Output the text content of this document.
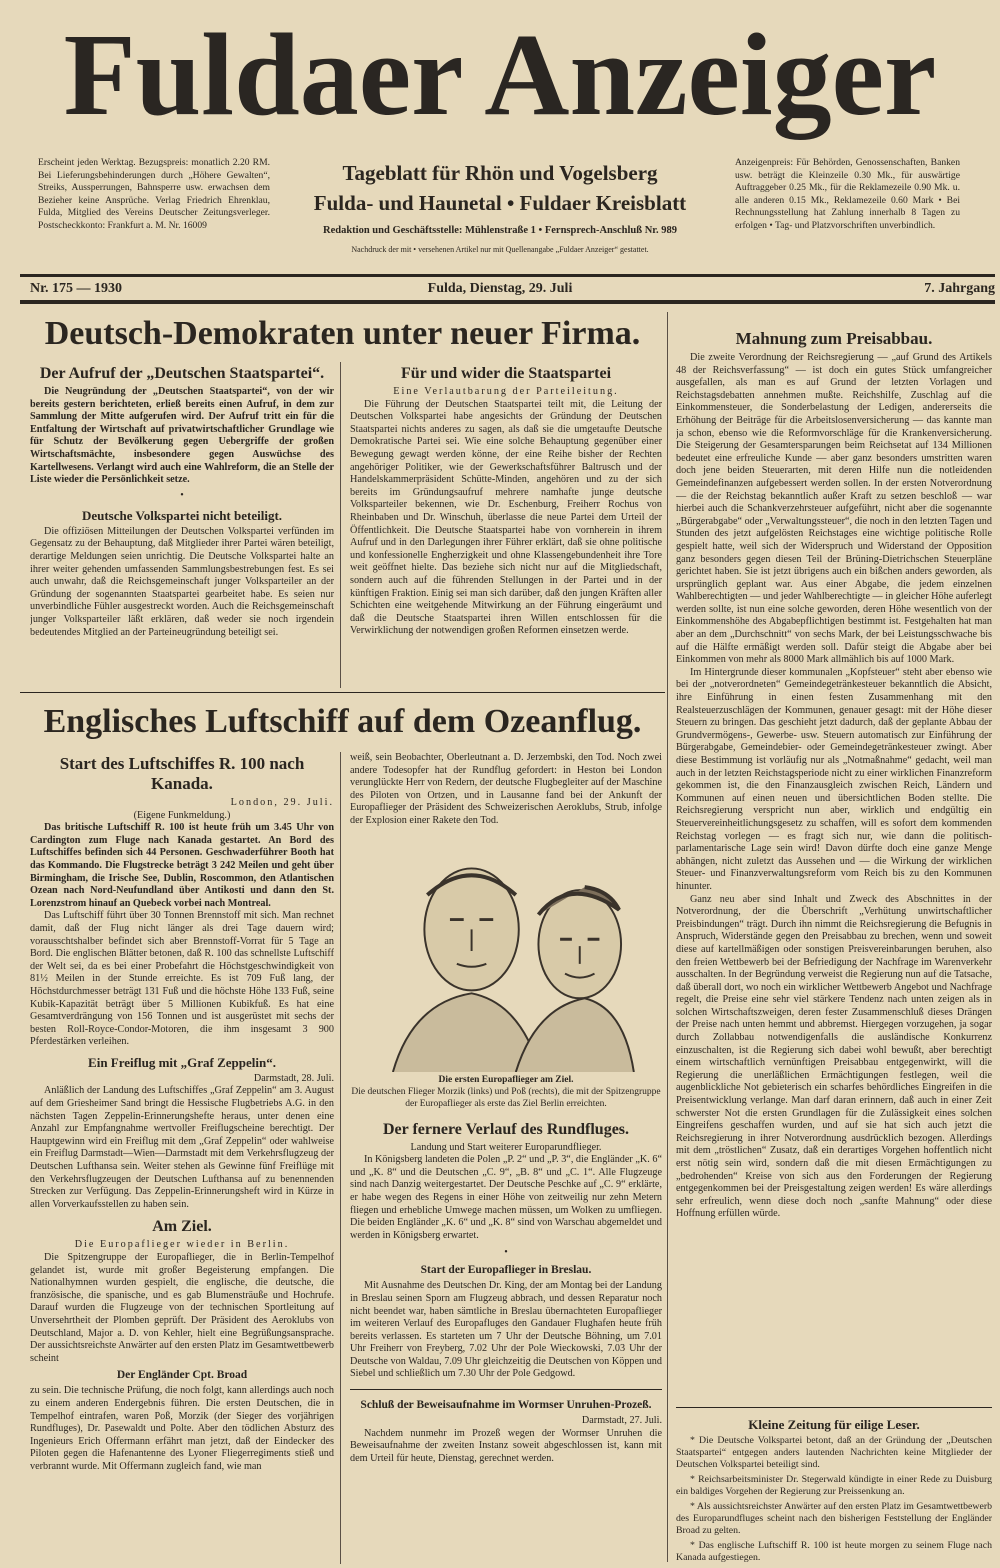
Fuldaer Anzeiger
Erscheint jeden Werktag. Bezugspreis: monatlich 2.20 RM. Bei Lieferungsbehinderungen durch „Höhere Gewalten“, Streiks, Aussperrungen, Bahnsperre usw. erwachsen dem Bezieher keine Ansprüche. Verlag Friedrich Ehrenklau, Fulda, Mitglied des Vereins Deutscher Zeitungsverleger. Postscheckkonto: Frankfurt a. M. Nr. 16009
Tageblatt für Rhön und Vogelsberg
Fulda- und Haunetal • Fuldaer Kreisblatt
Redaktion und Geschäftsstelle: Mühlenstraße 1 • Fernsprech-Anschluß Nr. 989
Nachdruck der mit • versehenen Artikel nur mit Quellenangabe „Fuldaer Anzeiger“ gestattet.
Anzeigenpreis: Für Behörden, Genossenschaften, Banken usw. beträgt die Kleinzeile 0.30 Mk., für auswärtige Auftraggeber 0.25 Mk., für die Reklamezeile 0.90 Mk. u. alle anderen 0.15 Mk., Reklamezeile 0.60 Mark • Bei Rechnungsstellung hat Zahlung innerhalb 8 Tagen zu erfolgen • Tag- und Platzvorschriften unverbindlich.
Nr. 175 — 1930	Fulda, Dienstag, 29. Juli	7. Jahrgang
Deutsch-Demokraten unter neuer Firma.
Der Aufruf der „Deutschen Staatspartei“.

Die Neugründung der „Deutschen Staatspartei“, von der wir bereits gestern berichteten, erließ bereits einen Aufruf, in dem zur Sammlung der Mitte aufgerufen wird. Der Aufruf tritt ein für die Entfaltung der Wirtschaft auf privatwirtschaftlicher Grundlage wie für Schutz der Bevölkerung gegen Uebergriffe der großen Wirtschaftsmächte, insbesondere gegen Auswüchse des Kartellwesens. Verlangt wird auch eine Wahlreform, die an Stelle der Liste wieder die Persönlichkeit setze.

•
Deutsche Volkspartei nicht beteiligt.

Die offiziösen Mitteilungen der Deutschen Volkspartei verfünden im Gegensatz zu der Behauptung, daß Mitglieder ihrer Partei wären beteiligt, derartige Meldungen seien unrichtig. Die Deutsche Volkspartei halte an ihrer weiter gehenden umfassenden Sammlungsbestrebungen fest. Es sei auch unwahr, daß die Reichsgemeinschaft junger Volksparteiler an der Gründung der sogenannten Staatspartei gearbeitet habe. Es seien nur unverbindliche Fühler ausgestreckt worden. Auch die Reichsgemeinschaft junger Volksparteiler läßt erklären, daß weder sie noch irgendein bedeutendes Mitglied an der Parteineugründung beteiligt sei.

Für und wider die Staatspartei
Eine Verlautbarung der Parteileitung.

Die Führung der Deutschen Staatspartei teilt mit, die Leitung der Deutschen Volkspartei habe angesichts der Gründung der Deutschen Staatspartei nichts anderes zu sagen, als daß sie die umgetaufte Deutsche Demokratische Partei sei. Wie eine solche Behauptung gegenüber einer Bewegung gewagt werden könne, der eine Reihe bisher der Rechten angehöriger Politiker, wie der Gewerkschaftsführer Baltrusch und der Handelskammerpräsident Schütte-Minden, angehören und zu der sich bereits im Gründungsaufruf mehrere namhafte junge deutsche Volksparteiler bekennen, wie Dr. Eschenburg, Freiherr Rochus von Rheinbaben und Dr. Winschuh, überlasse die neue Partei dem Urteil der Öffentlichkeit. Die Deutsche Staatspartei habe von vornherein in ihrem Aufruf und in den Darlegungen ihrer Führer erklärt, daß sie ohne politische und konfessionelle Engherzigkeit und ohne Klassengebundenheit ihre Tore weit geöffnet hielte. Das beziehe sich nicht nur auf die Mitgliedschaft, sondern auch auf die führenden Stellungen in der Partei und in der künftigen Fraktion. Einig sei man sich darüber, daß den jungen Kräften aller Schichten eine weitgehende Mitwirkung an der Führung eingeräumt und daß die Deutsche Staatspartei ihren Willen entschlossen für die Verwirklichung der notwendigen großen Reformen einsetzen werde.

Mahnung zum Preisabbau.

Die zweite Verordnung der Reichsregierung — „auf Grund des Artikels 48 der Reichsverfassung“ — ist doch ein gutes Stück umfangreicher ausgefallen, als man es auf Grund der letzten Vorlagen und Reichstagsdebatten annehmen mußte. Reichshilfe, Zuschlag auf die Einkommensteuer, die Sonderbelastung der Ledigen, andererseits die Erhöhung der Beiträge für die Arbeitslosenversicherung — das kannte man ja schon, ebenso wie die Reformvorschläge für die Krankenversicherung. Die Steigerung der Gesamtersparungen beim Reichsetat auf 134 Millionen bedeutet eine erfreuliche Kunde — aber ganz besonders umstritten waren doch jene beiden Steuerarten, mit deren Hilfe nun die notleidenden Gemeindefinanzen aufgebessert werden sollen. In der ersten Notverordnung — die der Reichstag bekanntlich außer Kraft zu setzen beschloß — war hierbei auch die Schankverzehrsteuer aufgeführt, nicht aber die sogenannte „Bürgerabgabe“ oder „Verwaltungssteuer“, die noch in den letzten Tagen und Stunden des jetzt aufgelösten Reichstages eine wichtige politische Rolle gespielt hatte, weil sich der Widerspruch und Widerstand der Opposition ganz besonders gegen diesen Teil der Brüning-Dietrichschen Steuerpläne gerichtet haben. Sie ist jetzt übrigens auch ein bißchen anders geworden, als ursprünglich geplant war. Aus einer Abgabe, die jedem einzelnen Wahlberechtigten — und jeder Wahlberechtigte — in gleicher Höhe auferlegt werden sollte, ist nun eine solche geworden, deren Höhe wesentlich von der Einkommenshöhe des Abgabepflichtigen bestimmt ist. Festgehalten hat man aber an dem „Durchschnitt“ von sechs Mark, der bei Leistungsschwache bis auf die Hälfte ermäßigt werden soll. Dafür steigt die Abgabe aber bei Einkommen von mehr als 8000 Mark allmählich bis auf 1000 Mark.

Im Hintergrunde dieser kommunalen „Kopfsteuer“ steht aber ebenso wie bei der „notverordneten“ Gemeindegetränkesteuer bekanntlich die Absicht, ihre Einführung in einen festen Zusammenhang mit den Realsteuerzuschlägen der Kommunen, genauer gesagt: mit der Höhe dieser Steuern zu bringen. Das geschieht jetzt dadurch, daß der geplante Abbau der Grundvermögens-, Gewerbe- usw. Steuern automatisch zur Einführung der Bürgerabgabe, Gemeindebier- oder Gemeindegetränkesteuer zwingt. Aber diese Bestimmung ist vorläufig nur als „Notmaßnahme“ gedacht, weil man auch in der letzten Reichstagsperiode nicht zu einer wirklichen Finanzreform gekommen ist, die den Finanzausgleich zwischen Reich, Ländern und Kommunen auf einen neuen und übersichtlichen Boden stellte. Die Reichsregierung verspricht nun aber, wirklich und endgültig ein Steuervereinheitlichungsgesetz zu schaffen, will es sofort dem kommenden Reichstag vorlegen — es fragt sich nur, wie dann die politisch-parlamentarische Lage sein wird! Davon dürfte doch eine ganze Menge abhängen, nicht zuletzt das Aussehen und — die Wirkung der wirklichen Steuer- und Finanzverwaltungsreform vom Reich bis zu den Kommunen hinunter.

Ganz neu aber sind Inhalt und Zweck des Abschnittes in der Notverordnung, der die Überschrift „Verhütung unwirtschaftlicher Preisbindungen“ trägt. Durch ihn nimmt die Reichsregierung die Befugnis in Anspruch, Widerstände gegen den Preisabbau zu brechen, wenn und soweit diese auf kartellmäßigen oder sonstigen Preisvereinbarungen beruhen, also den freien Wettbewerb bei der Befriedigung der Nachfrage im Warenverkehr ausschalten. In der Begründung verweist die Regierung nun auf die Tatsache, daß überall dort, wo noch ein wirklicher Wettbewerb Angebot und Nachfrage regelt, die Preise eine sehr viel stärkere Tendenz nach unten zeigen als in solchen Wirtschaftszweigen, deren fester Zusammenschluß dieses Drängen der Preise nach unten hemmt und abbremst. Hiergegen vorzugehen, ja sogar durch Zollabbau notwendigenfalls die ausländische Konkurrenz einzuschalten, ist die Regierung sich dabei wohl bewußt, aber berechtigt einem wirtschaftlich vernünftigen Preisabbau entgegenwirkt, will die Regierung die unerläßlichen Ermächtigungen festlegen, weil die augenblickliche Not gebieterisch ein scharfes behördliches Eingreifen in die Preisentwicklung verlange. Man darf daran erinnern, daß auch in einer Zeit schwerster Not die ersten Grundlagen für die Zulässigkeit eines solchen Eingreifens geschaffen wurden, und auf sie hat sich auch jetzt die Reichsregierung in ihrer Notverordnung ausdrücklich bezogen. Allerdings mit dem „tröstlichen“ Zusatz, daß ein derartiges Vorgehen hoffentlich nicht erst nötig sein wird, sondern daß die mit diesen Ermächtigungen zu „bedrohenden“ Kreise von sich aus den Forderungen der Regierung entgegenkommen bei der Preisgestaltung zeigen werden! Es wäre allerdings sehr erfreulich, wenn diese doch noch „sanfte Mahnung“ oder diese Hoffnung erfüllen würde.

Kleine Zeitung für eilige Leser.

* Die Deutsche Volkspartei betont, daß an der Gründung der „Deutschen Staatspartei“ entgegen anders lautenden Nachrichten keine Mitglieder der Deutschen Volkspartei beteiligt sind.

* Reichsarbeitsminister Dr. Stegerwald kündigte in einer Rede zu Duisburg ein baldiges Vorgehen der Regierung zur Preissenkung an.

* Als aussichtsreichster Anwärter auf den ersten Platz im Gesamtwettbewerb des Europarundfluges scheint nach den bisherigen Feststellung der Engländer Broad zu gelten.

* Das englische Luftschiff R. 100 ist heute morgen zu seinem Fluge nach Kanada aufgestiegen.

Englisches Luftschiff auf dem Ozeanflug.
Start des Luftschiffes R. 100 nach Kanada.
London, 29. Juli.
(Eigene Funkmeldung.)

Das britische Luftschiff R. 100 ist heute früh um 3.45 Uhr von Cardington zum Fluge nach Kanada gestartet. An Bord des Luftschiffes befinden sich 44 Personen. Geschwaderführer Booth hat das Kommando. Die Flugstrecke beträgt 3 242 Meilen und geht über Birmingham, die Irische See, Dublin, Roscommon, den Atlantischen Ozean nach Nord-Neufundland über Antikosti und dann den St. Lorenzstrom hinauf an Quebeck vorbei nach Montreal.

Das Luftschiff führt über 30 Tonnen Brennstoff mit sich. Man rechnet damit, daß der Flug nicht länger als drei Tage dauern wird; vorausschtshalber befindet sich aber Brennstoff-Vorrat für 5 Tage an Bord. Die englischen Blätter betonen, daß R. 100 das schnellste Luftschiff der Welt sei, da es bei einer Probefahrt die Höchstgeschwindigkeit von 81½ Meilen in der Stunde erreichte. Es ist 709 Fuß lang, der Höchstdurchmesser beträgt 131 Fuß und die höchste Höhe 133 Fuß, seine Kubik-Kapazität beträgt über 5 Millionen Kubikfuß. Es hat eine Gesamtverdrängung von 156 Tonnen und ist ausgerüstet mit sechs der besten Roll-Royce-Condor-Motoren, die ihm insgesamt 3 900 Pferdestärken verleihen.

Ein Freiflug mit „Graf Zeppelin“.
Darmstadt, 28. Juli.

Anläßlich der Landung des Luftschiffes „Graf Zeppelin“ am 3. August auf dem Griesheimer Sand bringt die Hessische Flugbetriebs A.G. in den nächsten Tagen Zeppelin-Erinnerungshefte heraus, unter denen eine Anzahl zur Empfangnahme wertvoller Freiflugscheine berechtigt. Der Hauptgewinn wird ein Freiflug mit dem „Graf Zeppelin“ oder wahlweise ein Freiflug Darmstadt—Wien—Darmstadt mit dem Verkehrsflugzeug der Deutschen Lufthansa sein. Weiter stehen als Gewinne fünf Freiflüge mit den Verkehrsflugzeugen der Deutschen Lufthansa auf zu benennenden Strecken zur Verfügung. Das Zeppelin-Erinnerungsheft wird in Kürze in allen Vorverkaufsstellen zu haben sein.

Am Ziel.
Die Europaflieger wieder in Berlin.

Die Spitzengruppe der Europaflieger, die in Berlin-Tempelhof gelandet ist, wurde mit großer Begeisterung empfangen. Die Nationalhymnen wurden gespielt, die englische, die deutsche, die französische, die spanische, und es gab Blumensträuße und Hochrufe. Darauf wurden die Flugzeuge von der technischen Sportleitung auf Unversehrtheit der Plomben geprüft. Der Präsident des Aeroklubs von Deutschland, Major a. D. von Kehler, hielt eine Begrüßungsansprache. Der aussichtsreichste Anwärter auf den ersten Platz im Gesamtwettbewerb scheint

Der Engländer Cpt. Broad

zu sein. Die technische Prüfung, die noch folgt, kann allerdings auch noch zu einem anderen Endergebnis führen. Die ersten Deutschen, die in Tempelhof eintrafen, waren Poß, Morzik (der Sieger des vorjährigen Rundfluges), Dr. Pasewaldt und Polte. Aber den tödlichen Absturz des Ingenieurs Erich Offermann erfährt man jetzt, daß der Eindecker des Piloten gegen die Hafenantenne des Lyoner Fliegerregiments stieß und verbrannt wurde. Mit Offermann zugleich fand, wie man

weiß, sein Beobachter, Oberleutnant a. D. Jerzembski, den Tod. Noch zwei andere Todesopfer hat der Rundflug gefordert: in Heston bei London verunglückte Herr von Redern, der deutsche Flugbegleiter auf der Maschine des Piloten von Ortzen, und in Lausanne fand bei der Ankunft der Europaflieger der Präsident des Schweizerischen Aeroklubs, Strub, infolge der Explosion einer Rakete den Tod.

Die ersten Europaflieger am Ziel.
Die deutschen Flieger Morzik (links) und Poß (rechts), die mit der Spitzengruppe der Europaflieger als erste das Ziel Berlin erreichten.
Der fernere Verlauf des Rundfluges.
Landung und Start weiterer Europarundflieger.

In Königsberg landeten die Polen „P. 2“ und „P. 3“, die Engländer „K. 6“ und „K. 8“ und die Deutschen „C. 9“, „B. 8“ und „C. 1“. Alle Flugzeuge sind nach Danzig weitergestartet. Der Deutsche Peschke auf „C. 9“ erklärte, er habe wegen des Regens in einer Höhe von zeitweilig nur zehn Metern fliegen und erhebliche Umwege machen müssen, um Wolken zu umfliegen. Die beiden Engländer „K. 6“ und „K. 8“ sind von Warschau abgemeldet und werden in Königsberg erwartet.

•
Start der Europaflieger in Breslau.

Mit Ausnahme des Deutschen Dr. King, der am Montag bei der Landung in Breslau seinen Sporn am Flugzeug abbrach, und dessen Reparatur noch nicht beendet war, haben sämtliche in Breslau übernachteten Europaflieger im weiteren Verlauf des Europafluges den Gandauer Flughafen heute früh bereits verlassen. Es starteten um 7 Uhr der Deutsche Böhning, um 7.01 Uhr Freiherr von Freyberg, 7.02 Uhr der Pole Wieckowski, 7.03 Uhr der Deutsche von Waldau, 7.09 Uhr gleichzeitig die Deutschen von Köppen und Siebel und schließlich um 7.30 Uhr der Pole Gedgowd.

Schluß der Beweisaufnahme im Wormser Unruhen-Prozeß.
Darmstadt, 27. Juli.

Nachdem nunmehr im Prozeß wegen der Wormser Unruhen die Beweisaufnahme der zweiten Instanz soweit abgeschlossen ist, kann mit dem Urteil für heute, Dienstag, gerechnet werden.
